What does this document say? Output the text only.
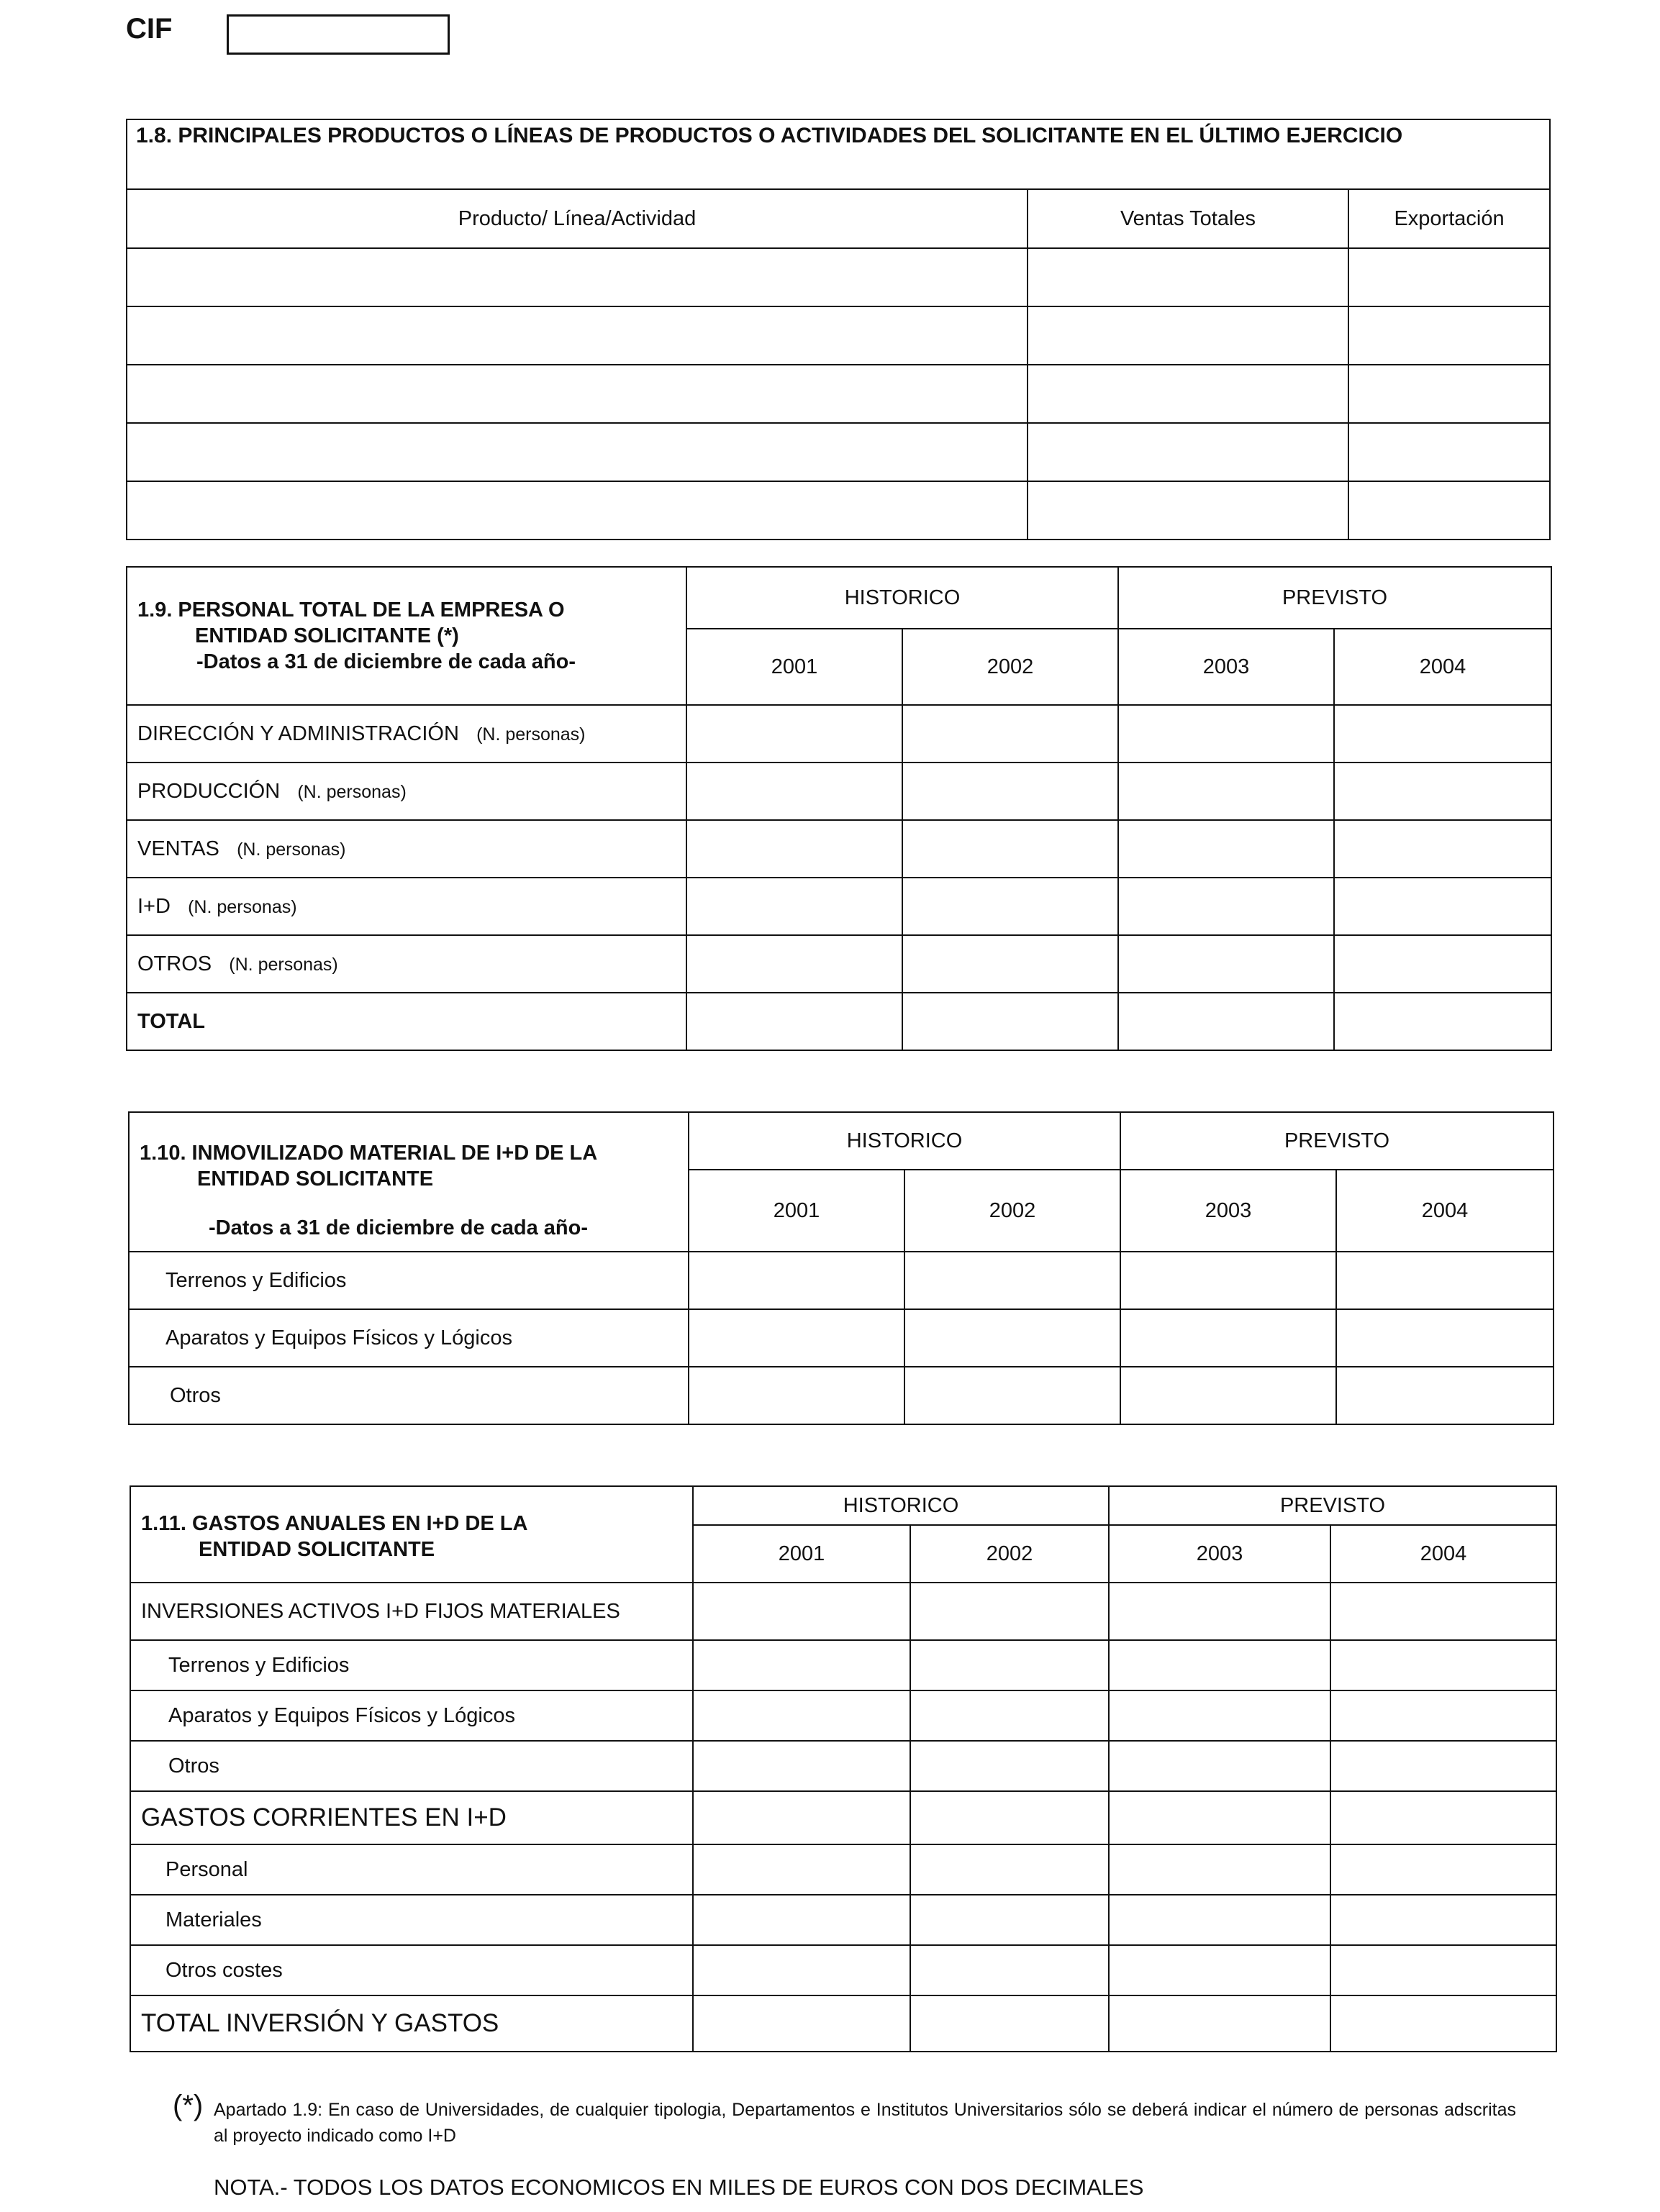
CIF
1.8. PRINCIPALES PRODUCTOS O LÍNEAS DE PRODUCTOS O ACTIVIDADES DEL SOLICITANTE EN EL ÚLTIMO EJERCICIO		
Producto/ Línea/Actividad	Ventas Totales	Exportación

1.9. PERSONAL TOTAL DE LA EMPRESA O
ENTIDAD SOLICITANTE (*)
-Datos a 31 de diciembre de cada año-	HISTORICO		PREVISTO	
	2001	2002	2003	2004
DIRECCIÓN Y ADMINISTRACIÓN (N. personas)				
PRODUCCIÓN (N. personas)				
VENTAS (N. personas)				
I+D (N. personas)				
OTROS (N. personas)				
TOTAL				
1.10. INMOVILIZADO MATERIAL DE I+D DE LA
ENTIDAD SOLICITANTE
-Datos a 31 de diciembre de cada año-	HISTORICO		PREVISTO	
	2001	2002	2003	2004
Terrenos y Edificios				
Aparatos y Equipos Físicos y Lógicos				
Otros				
1.11. GASTOS ANUALES EN I+D DE LA
ENTIDAD SOLICITANTE	HISTORICO		PREVISTO	
	2001	2002	2003	2004
INVERSIONES ACTIVOS I+D FIJOS MATERIALES				
Terrenos y Edificios				
Aparatos y Equipos Físicos y Lógicos				
Otros				
GASTOS CORRIENTES EN I+D				
Personal				
Materiales				
Otros costes				
TOTAL INVERSIÓN Y GASTOS				
(*) Apartado 1.9: En caso de Universidades, de cualquier tipologia, Departamentos e Institutos Universitarios sólo se deberá indicar el número de personas adscritas al proyecto indicado como I+D
NOTA.- TODOS LOS DATOS ECONOMICOS EN MILES DE EUROS CON DOS DECIMALES
